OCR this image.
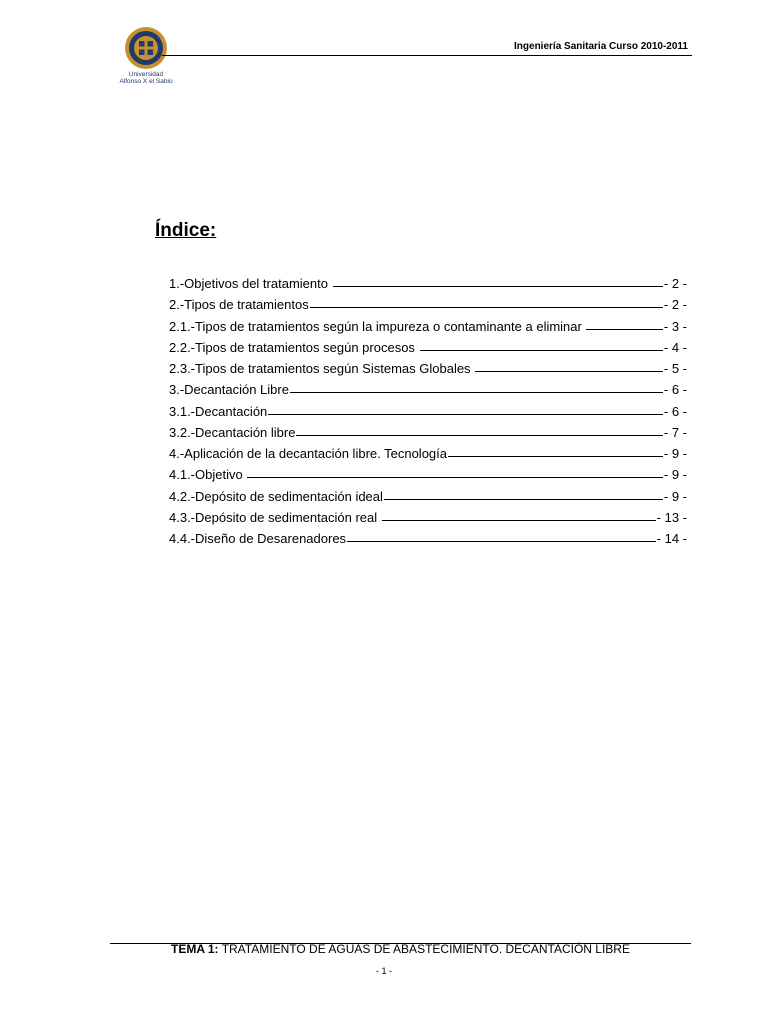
Universidad
Alfonso X el Sabio
Ingeniería Sanitaria Curso 2010-2011
Índice:
1.-Objetivos del tratamiento	- 2 -
2.-Tipos de tratamientos	- 2 -
2.1.-Tipos de tratamientos según la impureza o contaminante a eliminar	- 3 -
2.2.-Tipos de tratamientos según procesos	- 4 -
2.3.-Tipos de tratamientos según Sistemas Globales	- 5 -
3.-Decantación Libre	- 6 -
3.1.-Decantación	- 6 -
3.2.-Decantación libre	- 7 -
4.-Aplicación de la decantación libre. Tecnología	- 9 -
4.1.-Objetivo	- 9 -
4.2.-Depósito de sedimentación ideal	- 9 -
4.3.-Depósito de sedimentación real	- 13 -
4.4.-Diseño de Desarenadores	- 14 -
TEMA 1: TRATAMIENTO DE AGUAS DE ABASTECIMIENTO. DECANTACIÓN LIBRE
- 1 -
